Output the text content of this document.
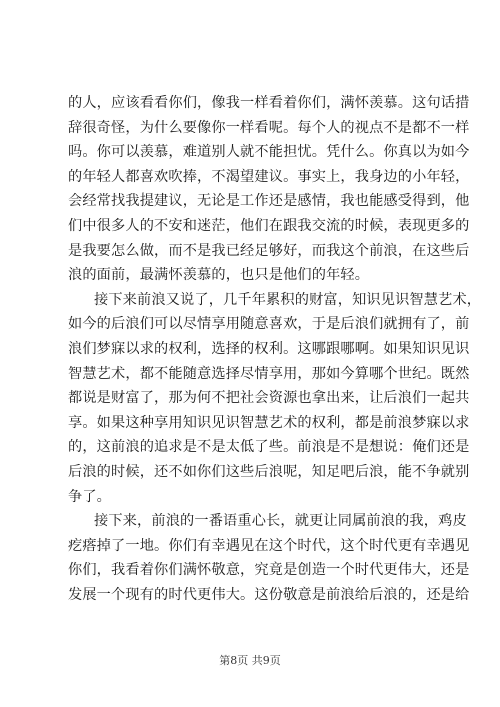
的人，应该看看你们，像我一样看着你们，满怀羡慕。这句话措
辞很奇怪，为什么要像你一样看呢。每个人的视点不是都不一样
吗。你可以羡慕，难道别人就不能担忧。凭什么。你真以为如今
的年轻人都喜欢吹捧，不渴望建议。事实上，我身边的小年轻，
会经常找我提建议，无论是工作还是感情，我也能感受得到，他
们中很多人的不安和迷茫，他们在跟我交流的时候，表现更多的
是我要怎么做，而不是我已经足够好，而我这个前浪，在这些后
浪的面前，最满怀羡慕的，也只是他们的年轻。
接下来前浪又说了，几千年累积的财富，知识见识智慧艺术，
如今的后浪们可以尽情享用随意喜欢，于是后浪们就拥有了，前
浪们梦寐以求的权利，选择的权利。这哪跟哪啊。如果知识见识
智慧艺术，都不能随意选择尽情享用，那如今算哪个世纪。既然
都说是财富了，那为何不把社会资源也拿出来，让后浪们一起共
享。如果这种享用知识见识智慧艺术的权利，都是前浪梦寐以求
的，这前浪的追求是不是太低了些。前浪是不是想说：俺们还是
后浪的时候，还不如你们这些后浪呢，知足吧后浪，能不争就别
争了。
接下来，前浪的一番语重心长，就更让同属前浪的我，鸡皮
疙瘩掉了一地。你们有幸遇见在这个时代，这个时代更有幸遇见
你们，我看着你们满怀敬意，究竟是创造一个时代更伟大，还是
发展一个现有的时代更伟大。这份敬意是前浪给后浪的，还是给
第8页 共9页
